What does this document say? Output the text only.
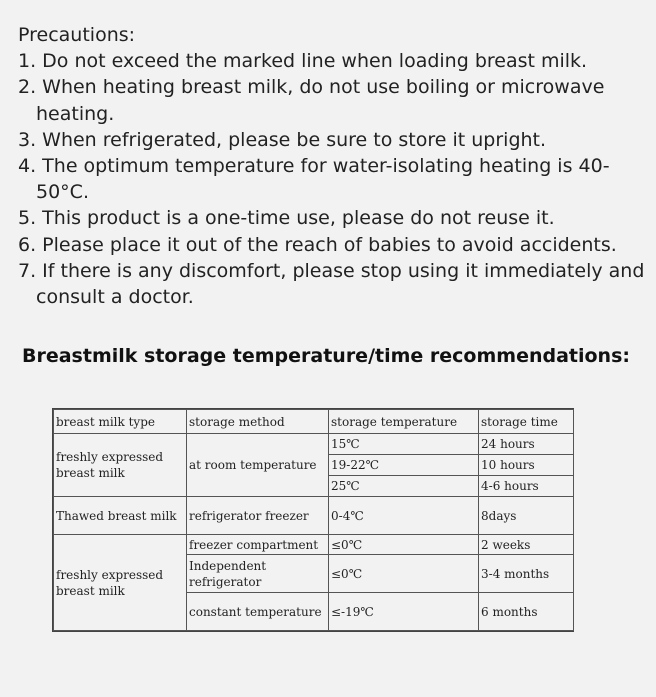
Precautions:

1. Do not exceed the marked line when loading breast milk.
2. When heating breast milk, do not use boiling or microwave heating.
3. When refrigerated, please be sure to store it upright.
4. The optimum temperature for water-isolating heating is 40-50°C.
5. This product is a one-time use, please do not reuse it.
6. Please place it out of the reach of babies to avoid accidents.
7. If there is any discomfort, please stop using it immediately and consult a doctor.
Breastmilk storage temperature/time recommendations:
breast milk type	storage method	storage temperature	storage time
freshly expressed breast milk	at room temperature	15℃	24 hours
		19-22℃	10 hours
		25℃	4-6 hours
Thawed breast milk	refrigerator freezer	0-4℃	8days
freshly expressed breast milk	freezer compartment	≤0℃	2 weeks
	Independent refrigerator	≤0℃	3-4 months
	constant temperature	≤-19℃	6 months
